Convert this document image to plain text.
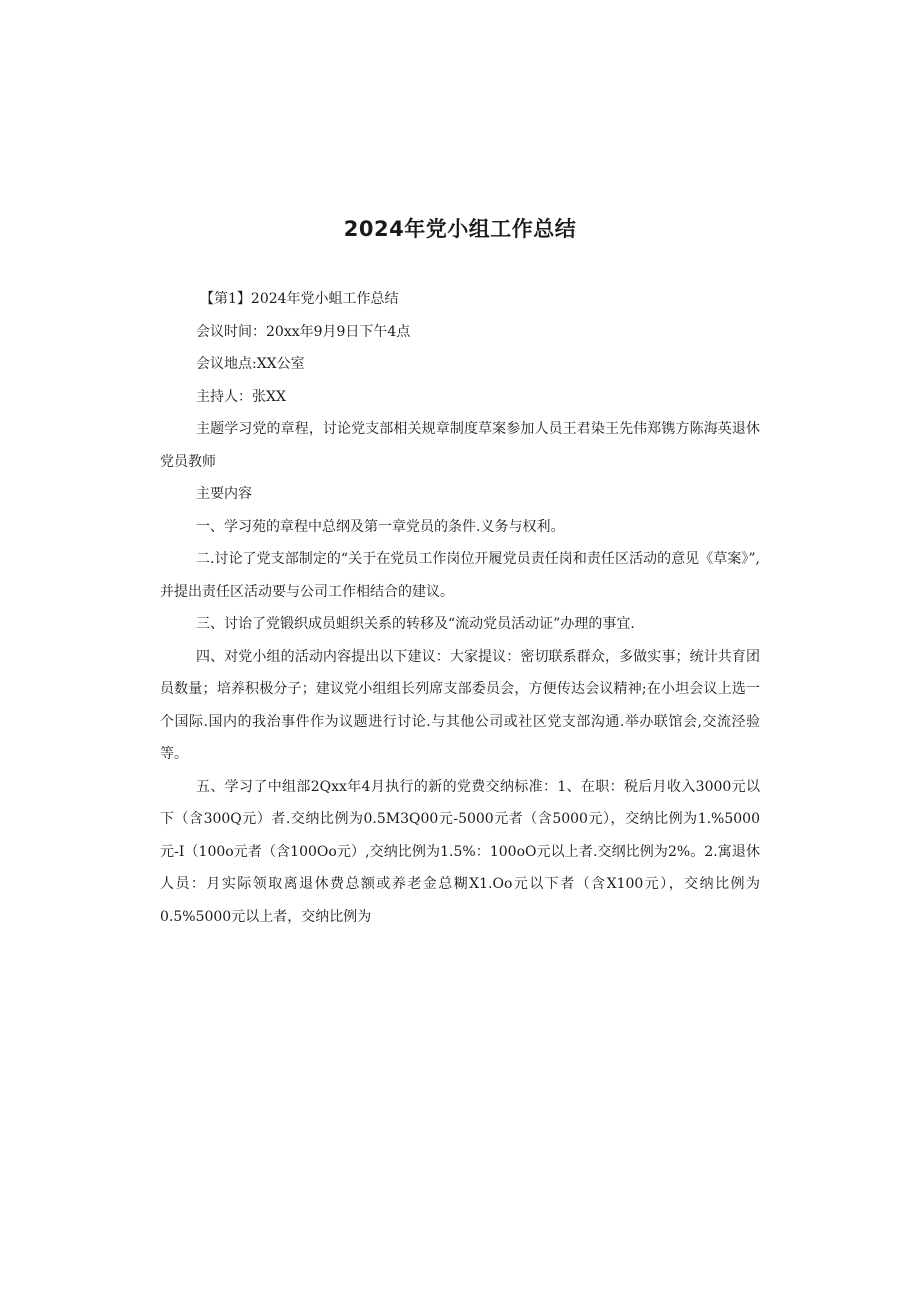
2024年党小组工作总结

【第1】2024年党小蛆工作总结

会议时间：20xx年9月9日下午4点

会议地点:XX公室

主持人：张XX

主题学习党的章程，讨论党支部相关规章制度草案参加人员王君染王先伟郑镌方陈海英退休党员教师

主要内容

一、学习苑的章程中总纲及第一章党员的条件.义务与权利。

二.讨论了党支部制定的“关于在党员工作岗位开履党员责任岗和责任区活动的意见《草案》”,并提出责任区活动要与公司工作相结合的建议。

三、讨诒了党锻织成员蛆织关系的转移及“流动党员活动证”办理的事宜.

四、对党小组的活动内容提出以下建议：大家提议：密切联系群众，多做实事；统计共育团员数量；培养积极分子；建议党小组组长列席支部委员会，方便传达会议精神;在小坦会议上选一个国际.国内的我治事件作为议题进行讨论.与其他公司或社区党支部沟通.举办联馆会,交流泾验等。

五、学习了中组部2Qxx年4月执行的新的党费交纳标准：1、在职：税后月收入3000元以下（含300Q元）者.交纳比例为0.5M3Q00元-5000元者（含5000元），交纳比例为1.%5000元-I（100o元者（含100Oo元）,交纳比例为1.5%：100oO元以上者.交纲比例为2%。2.寓退休人员：月实际领取离退休费总额或养老金总糊X1.Oo元以下者（含X100元），交纳比例为0.5%5000元以上者，交纳比例为
